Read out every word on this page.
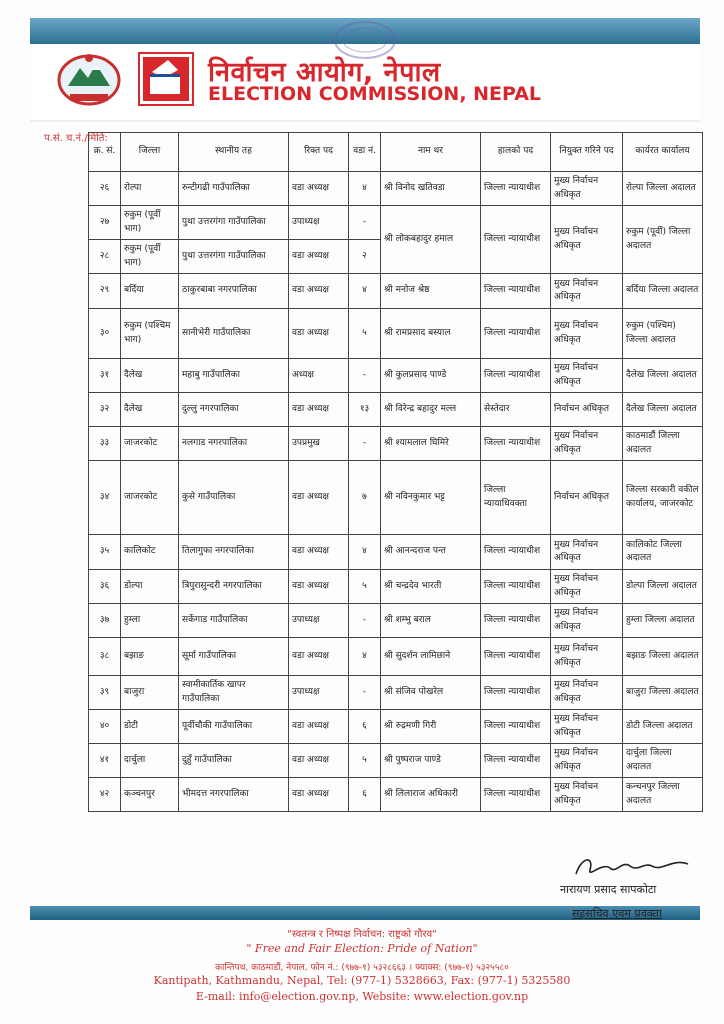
निर्वाचन आयोग, नेपाल
ELECTION COMMISSION, NEPAL
प.सं. च.नं./मिति:
क्र. सं.	जिल्ला	स्थानीय तह	रिक्त पद	वडा नं.	नाम थर	हालको पद	नियुक्त गरिने पद	कार्यरत कार्यालय
२६	रोल्पा	रुन्टीगढी गाउँपालिका	वडा अध्यक्ष	४	श्री विनोद खतिवडा	जिल्ला न्यायाधीश	मुख्य निर्वाचन अधिकृत	रोल्पा जिल्ला अदालत
२७	रुकुम (पूर्वी भाग)	पुथा उत्तरगंगा गाउँपालिका	उपाध्यक्ष	-	श्री लोकबहादुर हमाल	जिल्ला न्यायाधीश	मुख्य निर्वाचन अधिकृत	रुकुम (पूर्वी) जिल्ला अदालत
२८	रुकुम (पूर्वी भाग)	पुथा उत्तरगंगा गाउँपालिका	वडा अध्यक्ष	२				
२९	बर्दिया	ठाकुरबाबा नगरपालिका	वडा अध्यक्ष	४	श्री मनोज श्रेष्ठ	जिल्ला न्यायाधीश	मुख्य निर्वाचन अधिकृत	बर्दिया जिल्ला अदालत
३०	रुकुम (पश्चिम भाग)	सानीभेरी गाउँपालिका	वडा अध्यक्ष	५	श्री रामप्रसाद बस्याल	जिल्ला न्यायाधीश	मुख्य निर्वाचन अधिकृत	रुकुम (पश्चिम) जिल्ला अदालत
३१	दैलेख	महाबु गाउँपालिका	अध्यक्ष	-	श्री कुलप्रसाद पाण्डे	जिल्ला न्यायाधीश	मुख्य निर्वाचन अधिकृत	दैलेख जिल्ला अदालत
३२	दैलेख	दुल्लु नगरपालिका	वडा अध्यक्ष	१३	श्री विरेन्द्र बहादुर मल्ल	सेस्तेदार	निर्वाचन अधिकृत	दैलेख जिल्ला अदालत
३३	जाजरकोट	नलगाड नगरपालिका	उपप्रमुख	-	श्री श्यामलाल घिमिरे	जिल्ला न्यायाधीश	मुख्य निर्वाचन अधिकृत	काठमाडौं जिल्ला अदालत
३४	जाजरकोट	कुसे गाउँपालिका	वडा अध्यक्ष	७	श्री नविनकुमार भट्ट	जिल्ला न्यायाधिवक्ता	निर्वाचन अधिकृत	जिल्ला सरकारी वकील कार्यालय, जाजरकोट
३५	कालिकोट	तिलागुफा नगरपालिका	वडा अध्यक्ष	४	श्री आनन्दराज पन्त	जिल्ला न्यायाधीश	मुख्य निर्वाचन अधिकृत	कालिकोट जिल्ला अदालत
३६	डोल्पा	त्रिपुरासुन्दरी नगरपालिका	वडा अध्यक्ष	५	श्री चन्द्रदेव भारती	जिल्ला न्यायाधीश	मुख्य निर्वाचन अधिकृत	डोल्पा जिल्ला अदालत
३७	हुम्ला	सर्केगाड गाउँपालिका	उपाध्यक्ष	-	श्री शम्भु बराल	जिल्ला न्यायाधीश	मुख्य निर्वाचन अधिकृत	हुम्ला जिल्ला अदालत
३८	बझाङ	सूर्मा गाउँपालिका	वडा अध्यक्ष	४	श्री सुदर्शन लामिछाने	जिल्ला न्यायाधीश	मुख्य निर्वाचन अधिकृत	बझाङ जिल्ला अदालत
३९	बाजुरा	स्वामीकार्तिक खापर गाउँपालिका	उपाध्यक्ष	-	श्री संजिव पोखरेल	जिल्ला न्यायाधीश	मुख्य निर्वाचन अधिकृत	बाजुरा जिल्ला अदालत
४०	डोटी	पूर्वीचौकी गाउँपालिका	वडा अध्यक्ष	६	श्री रुद्रमणी गिरी	जिल्ला न्यायाधीश	मुख्य निर्वाचन अधिकृत	डोटी जिल्ला अदालत
४१	दार्चुला	दुहुँ गाउँपालिका	वडा अध्यक्ष	५	श्री पुष्पराज पाण्डे	जिल्ला न्यायाधीश	मुख्य निर्वाचन अधिकृत	दार्चुला जिल्ला अदालत
४२	कञ्चनपुर	भीमदत्त नगरपालिका	वडा अध्यक्ष	६	श्री लिलाराज अधिकारी	जिल्ला न्यायाधीश	मुख्य निर्वाचन अधिकृत	कन्चनपुर जिल्ला अदालत
नारायण प्रसाद सापकोटा
सहसचिव एवम् प्रवक्ता
"स्वतन्त्र र निष्पक्ष निर्वाचन: राष्ट्रको गौरव"
" Free and Fair Election: Pride of Nation"
कान्तिपथ, काठमाडौं, नेपाल, फोन नं.: (९७७-१) ५३२८६६३ । फ्याक्स: (९७७-१) ५३२५५८०
Kantipath, Kathmandu, Nepal, Tel: (977-1) 5328663, Fax: (977-1) 5325580
E-mail: info@election.gov.np, Website: www.election.gov.np
